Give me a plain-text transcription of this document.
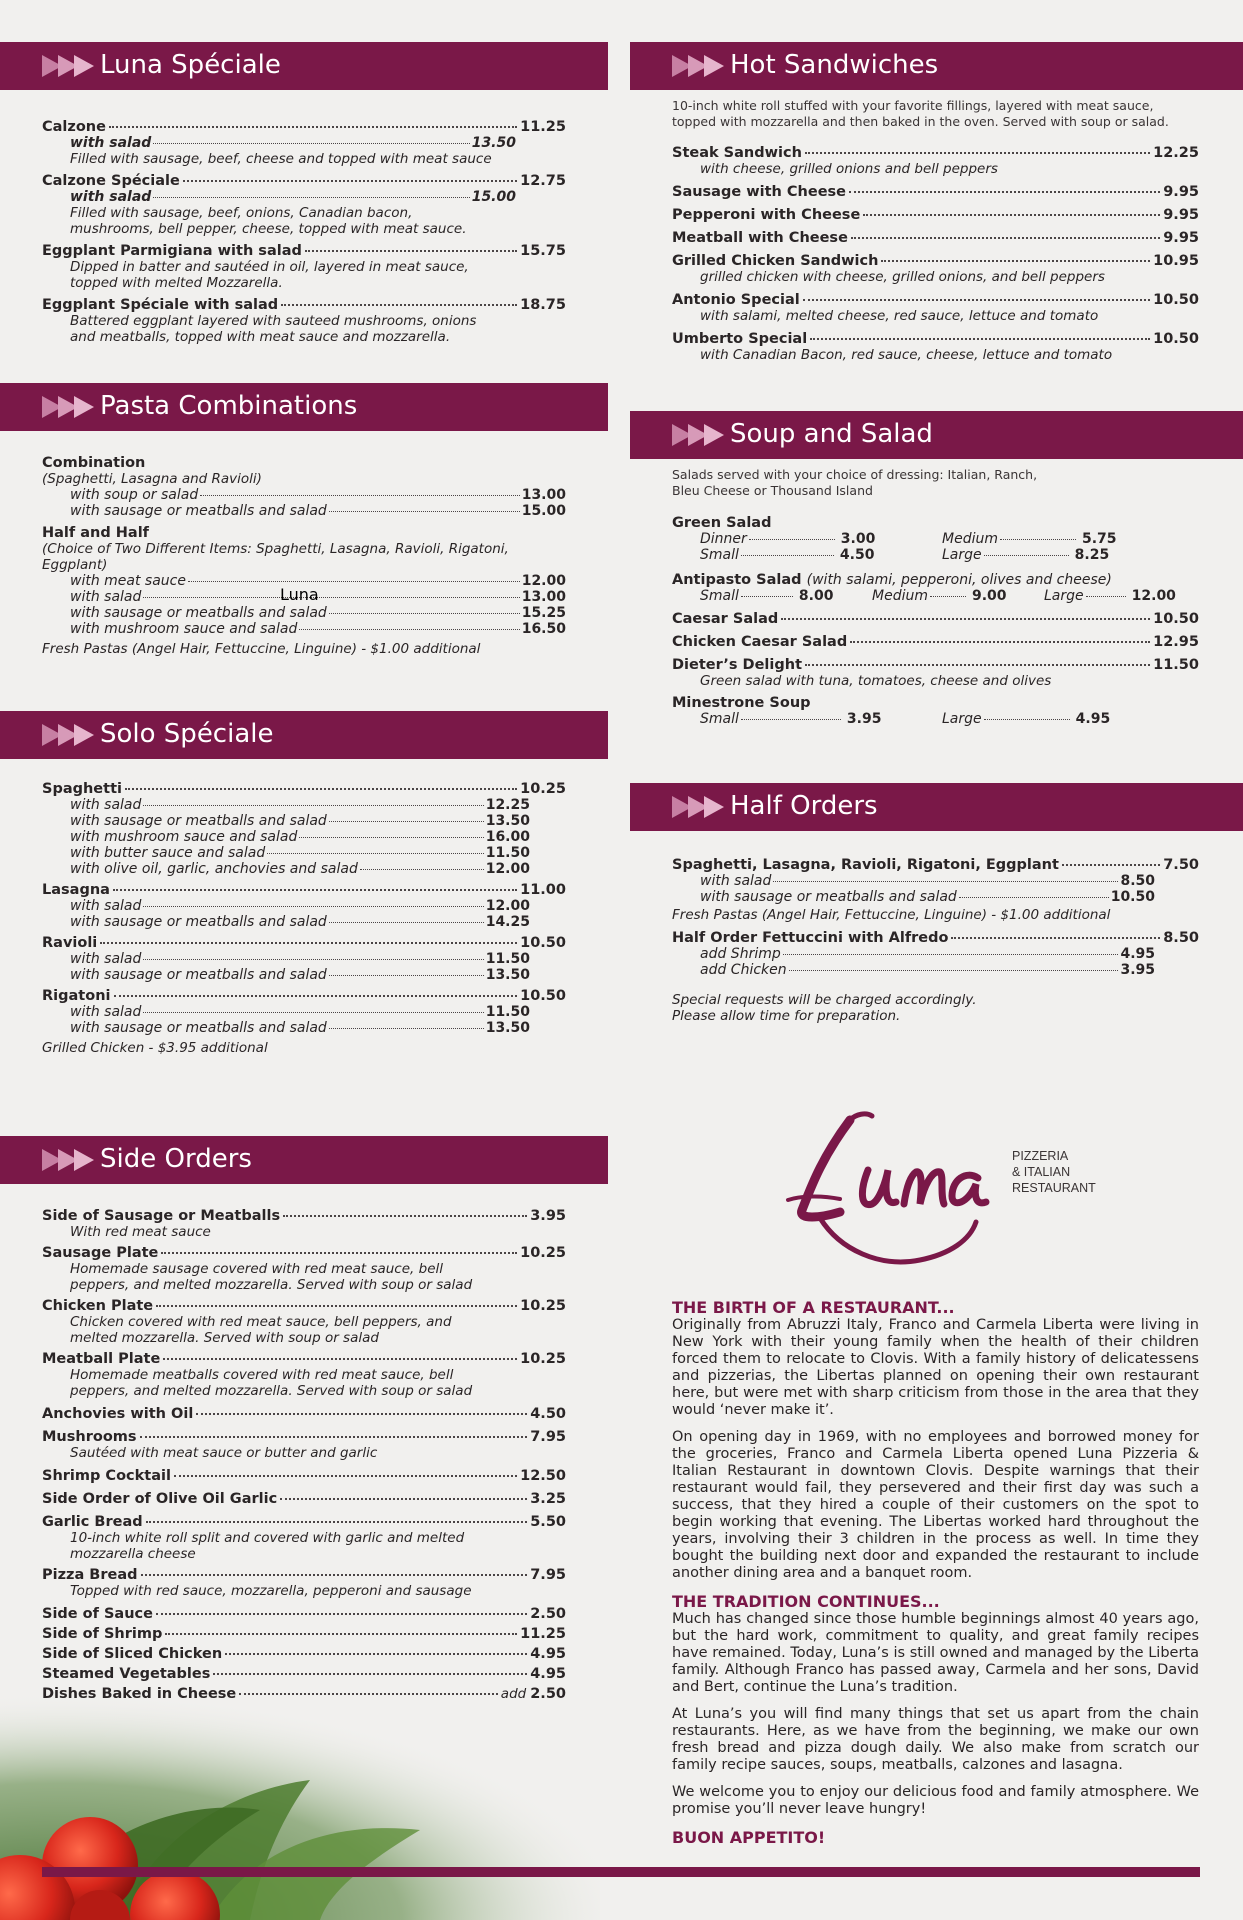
Luna Spéciale
Calzone	11.25
with salad	13.50
Filled with sausage, beef, cheese and topped with meat sauce
Calzone Spéciale	12.75
with salad	15.00
Filled with sausage, beef, onions, Canadian bacon,
mushrooms, bell pepper, cheese, topped with meat sauce.
Eggplant Parmigiana with salad	15.75
Dipped in batter and sautéed in oil, layered in meat sauce,
topped with melted Mozzarella.
Eggplant Spéciale with salad	18.75
Battered eggplant layered with sauteed mushrooms, onions
and meatballs, topped with meat sauce and mozzarella.
Pasta Combinations
Combination
(Spaghetti, Lasagna and Ravioli)
with soup or salad	13.00
with sausage or meatballs and salad	15.00
Half and Half
(Choice of Two Different Items: Spaghetti, Lasagna, Ravioli, Rigatoni,
Eggplant)
with meat sauce	12.00
with salad	13.00
with sausage or meatballs and salad	15.25
with mushroom sauce and salad	16.50
Fresh Pastas (Angel Hair, Fettuccine, Linguine) - $1.00 additional
Solo Spéciale
Spaghetti	10.25
with salad	12.25
with sausage or meatballs and salad	13.50
with mushroom sauce and salad	16.00
with butter sauce and salad	11.50
with olive oil, garlic, anchovies and salad	12.00
Lasagna	11.00
with salad	12.00
with sausage or meatballs and salad	14.25
Ravioli	10.50
with salad	11.50
with sausage or meatballs and salad	13.50
Rigatoni	10.50
with salad	11.50
with sausage or meatballs and salad	13.50
Grilled Chicken - $3.95 additional
Side Orders
Side of Sausage or Meatballs	3.95
With red meat sauce
Sausage Plate	10.25
Homemade sausage covered with red meat sauce, bell
peppers, and melted mozzarella. Served with soup or salad
Chicken Plate	10.25
Chicken covered with red meat sauce, bell peppers, and
melted mozzarella. Served with soup or salad
Meatball Plate	10.25
Homemade meatballs covered with red meat sauce, bell
peppers, and melted mozzarella. Served with soup or salad
Anchovies with Oil	4.50
Mushrooms	7.95
Sautéed with meat sauce or butter and garlic
Shrimp Cocktail	12.50
Side Order of Olive Oil Garlic	3.25
Garlic Bread	5.50
10-inch white roll split and covered with garlic and melted
mozzarella cheese
Pizza Bread	7.95
Topped with red sauce, mozzarella, pepperoni and sausage
Side of Sauce	2.50
Side of Shrimp	11.25
Side of Sliced Chicken	4.95
Steamed Vegetables	4.95
Dishes Baked in Cheese	add 2.50
Hot Sandwiches
10-inch white roll stuffed with your favorite fillings, layered with meat sauce,
topped with mozzarella and then baked in the oven. Served with soup or salad.
Steak Sandwich	12.25
with cheese, grilled onions and bell peppers
Sausage with Cheese	9.95
Pepperoni with Cheese	9.95
Meatball with Cheese	9.95
Grilled Chicken Sandwich	10.95
grilled chicken with cheese, grilled onions, and bell peppers
Antonio Special	10.50
with salami, melted cheese, red sauce, lettuce and tomato
Umberto Special	10.50
with Canadian Bacon, red sauce, cheese, lettuce and tomato
Soup and Salad
Salads served with your choice of dressing: Italian, Ranch,
Bleu Cheese or Thousand Island
Green Salad
Dinner	3.00	Medium	5.75
Small	4.50	Large	8.25
Antipasto Salad (with salami, pepperoni, olives and cheese)
Small	8.00	Medium	9.00	Large	12.00
Caesar Salad	10.50
Chicken Caesar Salad	12.95
Dieter’s Delight	11.50
Green salad with tuna, tomatoes, cheese and olives
Minestrone Soup
Small	3.95	Large	4.95
Half Orders
Spaghetti, Lasagna, Ravioli, Rigatoni, Eggplant	7.50
with salad	8.50
with sausage or meatballs and salad	10.50
Fresh Pastas (Angel Hair, Fettuccine, Linguine) - $1.00 additional
Half Order Fettuccini with Alfredo	8.50
add Shrimp	4.95
add Chicken	3.95
Special requests will be charged accordingly.
Please allow time for preparation.
Luna
PIZZERIA
& ITALIAN
RESTAURANT
THE BIRTH OF A RESTAURANT...

Originally from Abruzzi Italy, Franco and Carmela Liberta were living in New York with their young family when the health of their children forced them to relocate to Clovis. With a family history of delicatessens and pizzerias, the Libertas planned on opening their own restaurant here, but were met with sharp criticism from those in the area that they would ‘never make it’.

On opening day in 1969, with no employees and borrowed money for the groceries, Franco and Carmela Liberta opened Luna Pizzeria & Italian Restaurant in downtown Clovis. Despite warnings that their restaurant would fail, they persevered and their first day was such a success, that they hired a couple of their customers on the spot to begin working that evening. The Libertas worked hard throughout the years, involving their 3 children in the process as well. In time they bought the building next door and expanded the restaurant to include another dining area and a banquet room.

THE TRADITION CONTINUES...

Much has changed since those humble beginnings almost 40 years ago, but the hard work, commitment to quality, and great family recipes have remained. Today, Luna’s is still owned and managed by the Liberta family. Although Franco has passed away, Carmela and her sons, David and Bert, continue the Luna’s tradition.

At Luna’s you will find many things that set us apart from the chain restaurants. Here, as we have from the beginning, we make our own fresh bread and pizza dough daily. We also make from scratch our family recipe sauces, soups, meatballs, calzones and lasagna.

We welcome you to enjoy our delicious food and family atmosphere. We promise you’ll never leave hungry!

BUON APPETITO!
